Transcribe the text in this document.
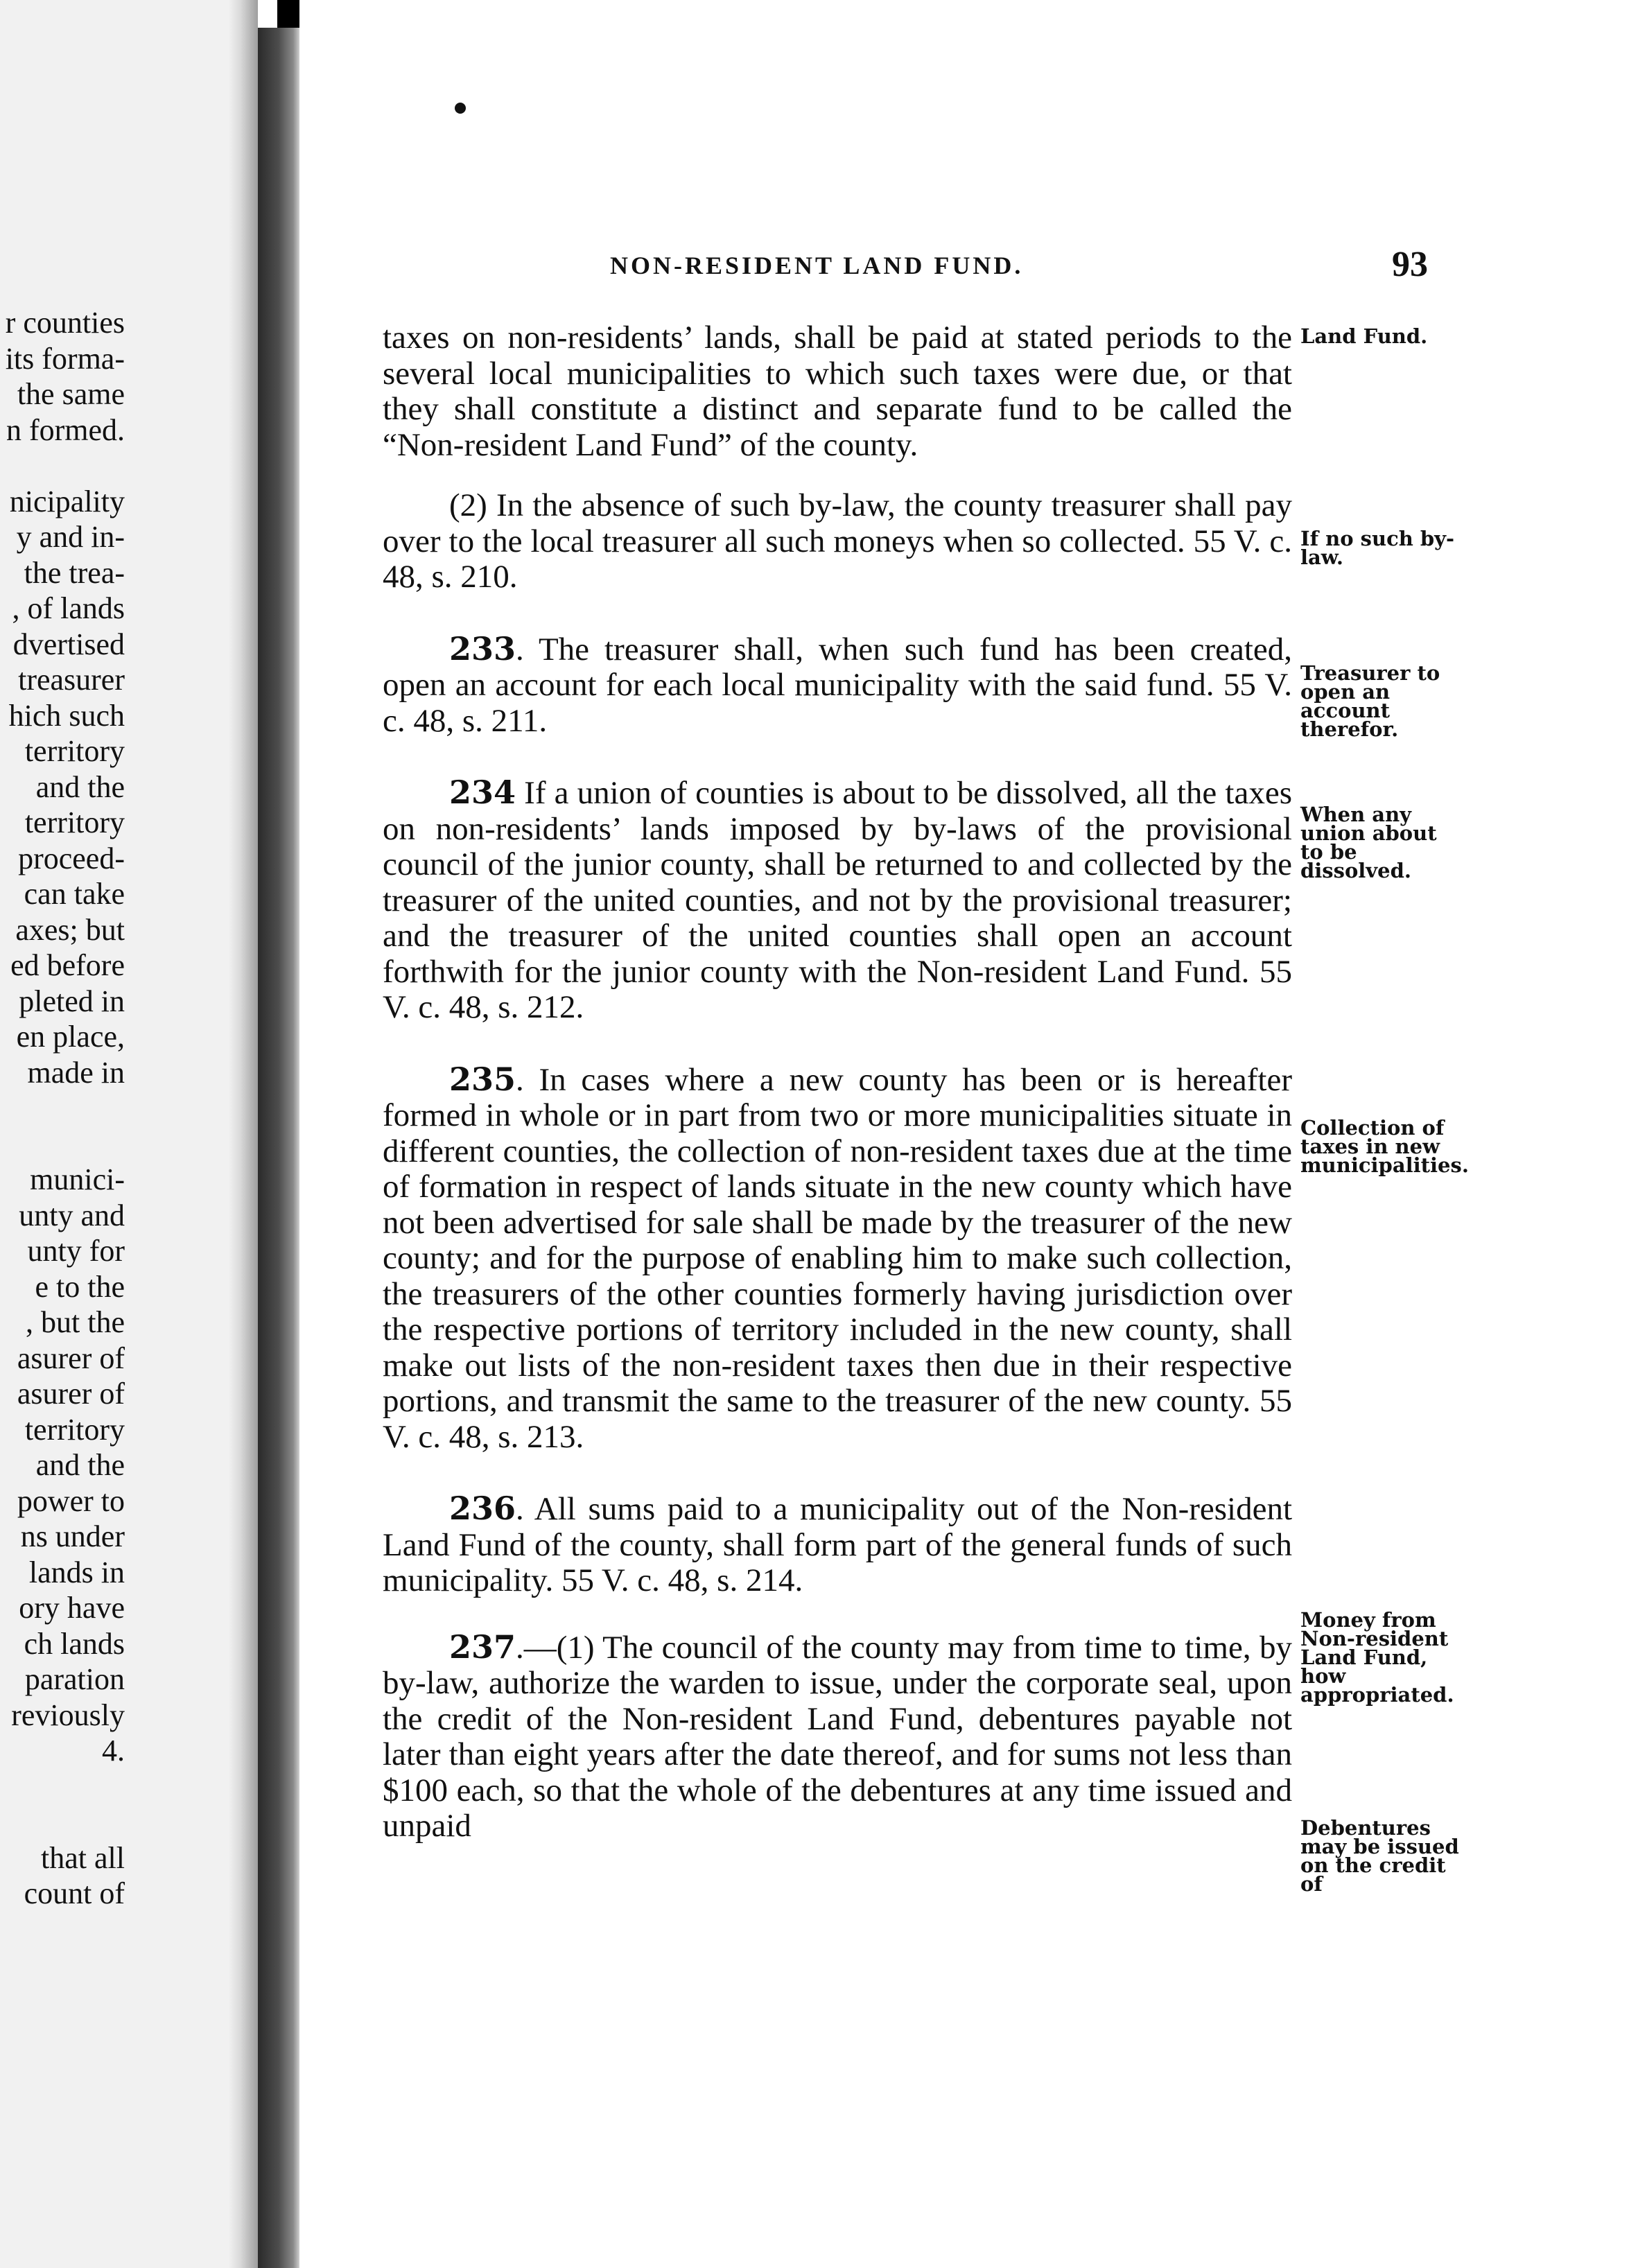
r counties
its forma-
the same
n formed.
nicipality
y and in-
the trea-
, of lands
dvertised
treasurer
hich such
territory
and the
territory
proceed-
can take
axes; but
ed before
pleted in
en place,
made in
munici-
unty and
unty for
e to the
, but the
asurer of
asurer of
territory
and the
power to
ns under
lands in
ory have
ch lands
paration
reviously
4.
that all
count of
NON-RESIDENT LAND FUND.	93

taxes on non-residents’ lands, shall be paid at stated periods to the several local municipalities to which such taxes were due, or that they shall constitute a distinct and separate fund to be called the “Non-resident Land Fund” of the county.

(2) In the absence of such by-law, the county treasurer shall pay over to the local treasurer all such moneys when so collected. 55 V. c. 48, s. 210.

233. The treasurer shall, when such fund has been created, open an account for each local municipality with the said fund. 55 V. c. 48, s. 211.

234 If a union of counties is about to be dissolved, all the taxes on non-residents’ lands imposed by by-laws of the provisional council of the junior county, shall be returned to and collected by the treasurer of the united counties, and not by the provisional treasurer; and the treasurer of the united counties shall open an account forthwith for the junior county with the Non-resident Land Fund. 55 V. c. 48, s. 212.

235. In cases where a new county has been or is hereafter formed in whole or in part from two or more municipalities situate in different counties, the collection of non-resident taxes due at the time of formation in respect of lands situate in the new county which have not been advertised for sale shall be made by the treasurer of the new county; and for the purpose of enabling him to make such collection, the treasurers of the other counties formerly having jurisdiction over the respective portions of territory included in the new county, shall make out lists of the non-resident taxes then due in their respective portions, and transmit the same to the treasurer of the new county. 55 V. c. 48, s. 213.

236. All sums paid to a municipality out of the Non-resident Land Fund of the county, shall form part of the general funds of such municipality. 55 V. c. 48, s. 214.

237.—(1) The council of the county may from time to time, by by-law, authorize the warden to issue, under the corporate seal, upon the credit of the Non-resident Land Fund, debentures payable not later than eight years after the date thereof, and for sums not less than $100 each, so that the whole of the debentures at any time issued and unpaid

Land Fund.
If no such by-law.
Treasurer to open an account therefor.
When any union about to be dissolved.
Collection of taxes in new municipalities.
Money from Non-resident Land Fund, how appropriated.
Debentures may be issued on the credit of
